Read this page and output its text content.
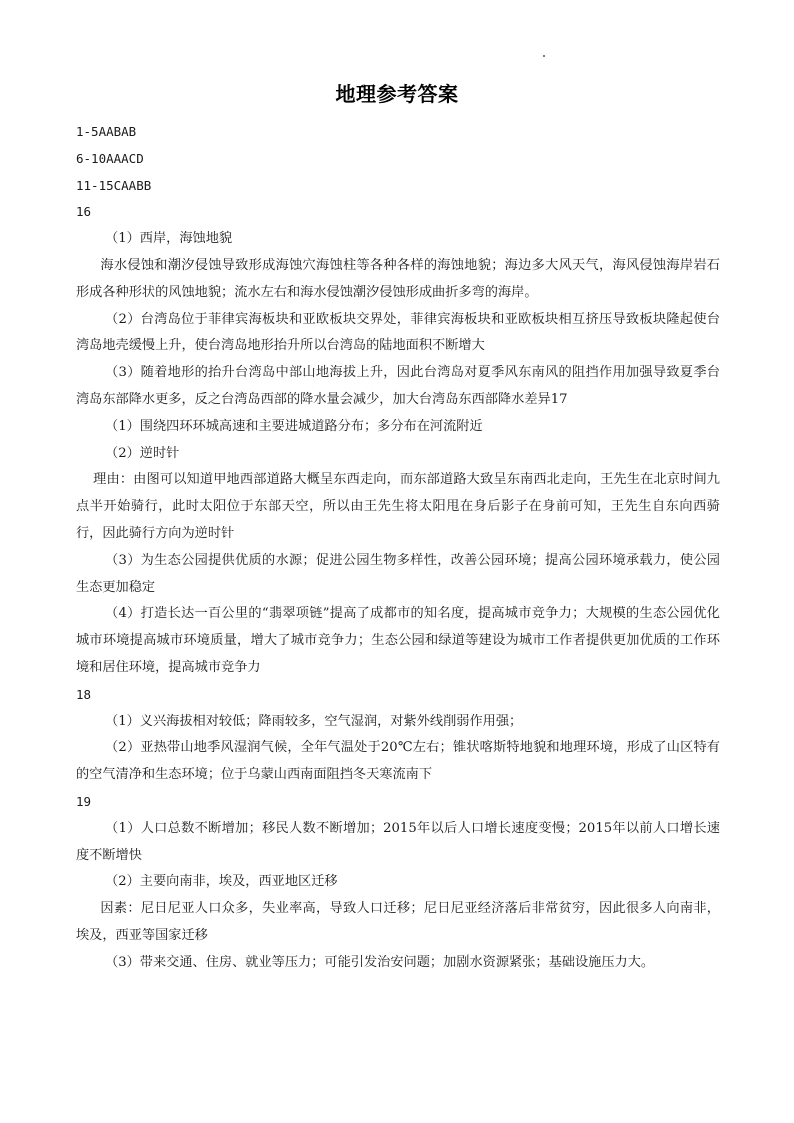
地理参考答案

1-5AABAB

6-10AAACD

11-15CAABB

16

（1）西岸，海蚀地貌

海水侵蚀和潮汐侵蚀导致形成海蚀穴海蚀柱等各种各样的海蚀地貌；海边多大风天气，海风侵蚀海岸岩石形成各种形状的风蚀地貌；流水左右和海水侵蚀潮汐侵蚀形成曲折多弯的海岸。

（2）台湾岛位于菲律宾海板块和亚欧板块交界处，菲律宾海板块和亚欧板块相互挤压导致板块隆起使台湾岛地壳缓慢上升，使台湾岛地形抬升所以台湾岛的陆地面积不断增大

（3）随着地形的抬升台湾岛中部山地海拔上升，因此台湾岛对夏季风东南风的阻挡作用加强导致夏季台湾岛东部降水更多，反之台湾岛西部的降水量会减少，加大台湾岛东西部降水差异17

（1）围绕四环环城高速和主要进城道路分布；多分布在河流附近

（2）逆时针

理由：由图可以知道甲地西部道路大概呈东西走向，而东部道路大致呈东南西北走向，王先生在北京时间九点半开始骑行，此时太阳位于东部天空，所以由王先生将太阳甩在身后影子在身前可知，王先生自东向西骑行，因此骑行方向为逆时针

（3）为生态公园提供优质的水源；促进公园生物多样性，改善公园环境；提高公园环境承载力，使公园生态更加稳定

（4）打造长达一百公里的“翡翠项链”提高了成都市的知名度，提高城市竞争力；大规模的生态公园优化城市环境提高城市环境质量，增大了城市竞争力；生态公园和绿道等建设为城市工作者提供更加优质的工作环境和居住环境，提高城市竞争力

18

（1）义兴海拔相对较低；降雨较多，空气湿润，对紫外线削弱作用强；

（2）亚热带山地季风湿润气候，全年气温处于20℃左右；锥状喀斯特地貌和地理环境，形成了山区特有的空气清净和生态环境；位于乌蒙山西南面阻挡冬天寒流南下

19

（1）人口总数不断增加；移民人数不断增加；2015年以后人口增长速度变慢；2015年以前人口增长速度不断增快

（2）主要向南非，埃及，西亚地区迁移

因素：尼日尼亚人口众多，失业率高，导致人口迁移；尼日尼亚经济落后非常贫穷，因此很多人向南非，埃及，西亚等国家迁移

（3）带来交通、住房、就业等压力；可能引发治安问题；加剧水资源紧张；基础设施压力大。
